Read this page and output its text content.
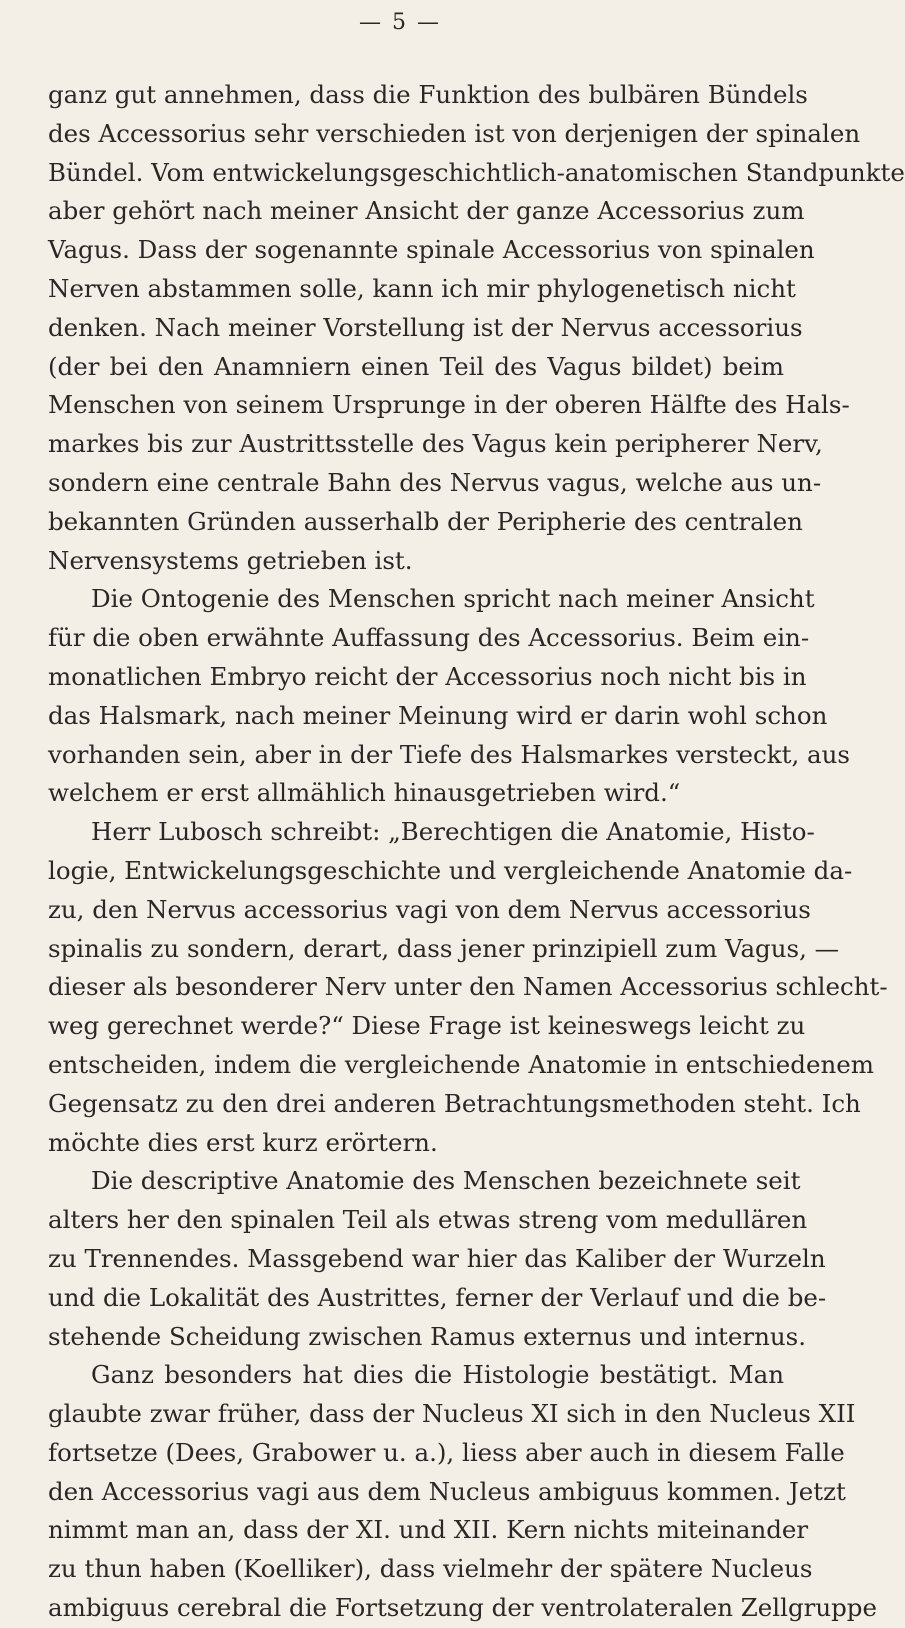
— 5 —
ganz gut annehmen, dass die Funktion des bulbären Bündels
des Accessorius sehr verschieden ist von derjenigen der spinalen
Bündel. Vom entwickelungsgeschichtlich-anatomischen Standpunkte
aber gehört nach meiner Ansicht der ganze Accessorius zum
Vagus. Dass der sogenannte spinale Accessorius von spinalen
Nerven abstammen solle, kann ich mir phylogenetisch nicht
denken. Nach meiner Vorstellung ist der Nervus accessorius
(der bei den Anamniern einen Teil des Vagus bildet) beim
Menschen von seinem Ursprunge in der oberen Hälfte des Hals-
markes bis zur Austrittsstelle des Vagus kein peripherer Nerv,
sondern eine centrale Bahn des Nervus vagus, welche aus un-
bekannten Gründen ausserhalb der Peripherie des centralen
Nervensystems getrieben ist.
Die Ontogenie des Menschen spricht nach meiner Ansicht
für die oben erwähnte Auffassung des Accessorius. Beim ein-
monatlichen Embryo reicht der Accessorius noch nicht bis in
das Halsmark, nach meiner Meinung wird er darin wohl schon
vorhanden sein, aber in der Tiefe des Halsmarkes versteckt, aus
welchem er erst allmählich hinausgetrieben wird.“
Herr Lubosch schreibt: „Berechtigen die Anatomie, Histo-
logie, Entwickelungsgeschichte und vergleichende Anatomie da-
zu, den Nervus accessorius vagi von dem Nervus accessorius
spinalis zu sondern, derart, dass jener prinzipiell zum Vagus, —
dieser als besonderer Nerv unter den Namen Accessorius schlecht-
weg gerechnet werde?“ Diese Frage ist keineswegs leicht zu
entscheiden, indem die vergleichende Anatomie in entschiedenem
Gegensatz zu den drei anderen Betrachtungsmethoden steht. Ich
möchte dies erst kurz erörtern.
Die descriptive Anatomie des Menschen bezeichnete seit
alters her den spinalen Teil als etwas streng vom medullären
zu Trennendes. Massgebend war hier das Kaliber der Wurzeln
und die Lokalität des Austrittes, ferner der Verlauf und die be-
stehende Scheidung zwischen Ramus externus und internus.
Ganz besonders hat dies die Histologie bestätigt. Man
glaubte zwar früher, dass der Nucleus XI sich in den Nucleus XII
fortsetze (Dees, Grabower u. a.), liess aber auch in diesem Falle
den Accessorius vagi aus dem Nucleus ambiguus kommen. Jetzt
nimmt man an, dass der XI. und XII. Kern nichts miteinander
zu thun haben (Koelliker), dass vielmehr der spätere Nucleus
ambiguus cerebral die Fortsetzung der ventrolateralen Zellgruppe
